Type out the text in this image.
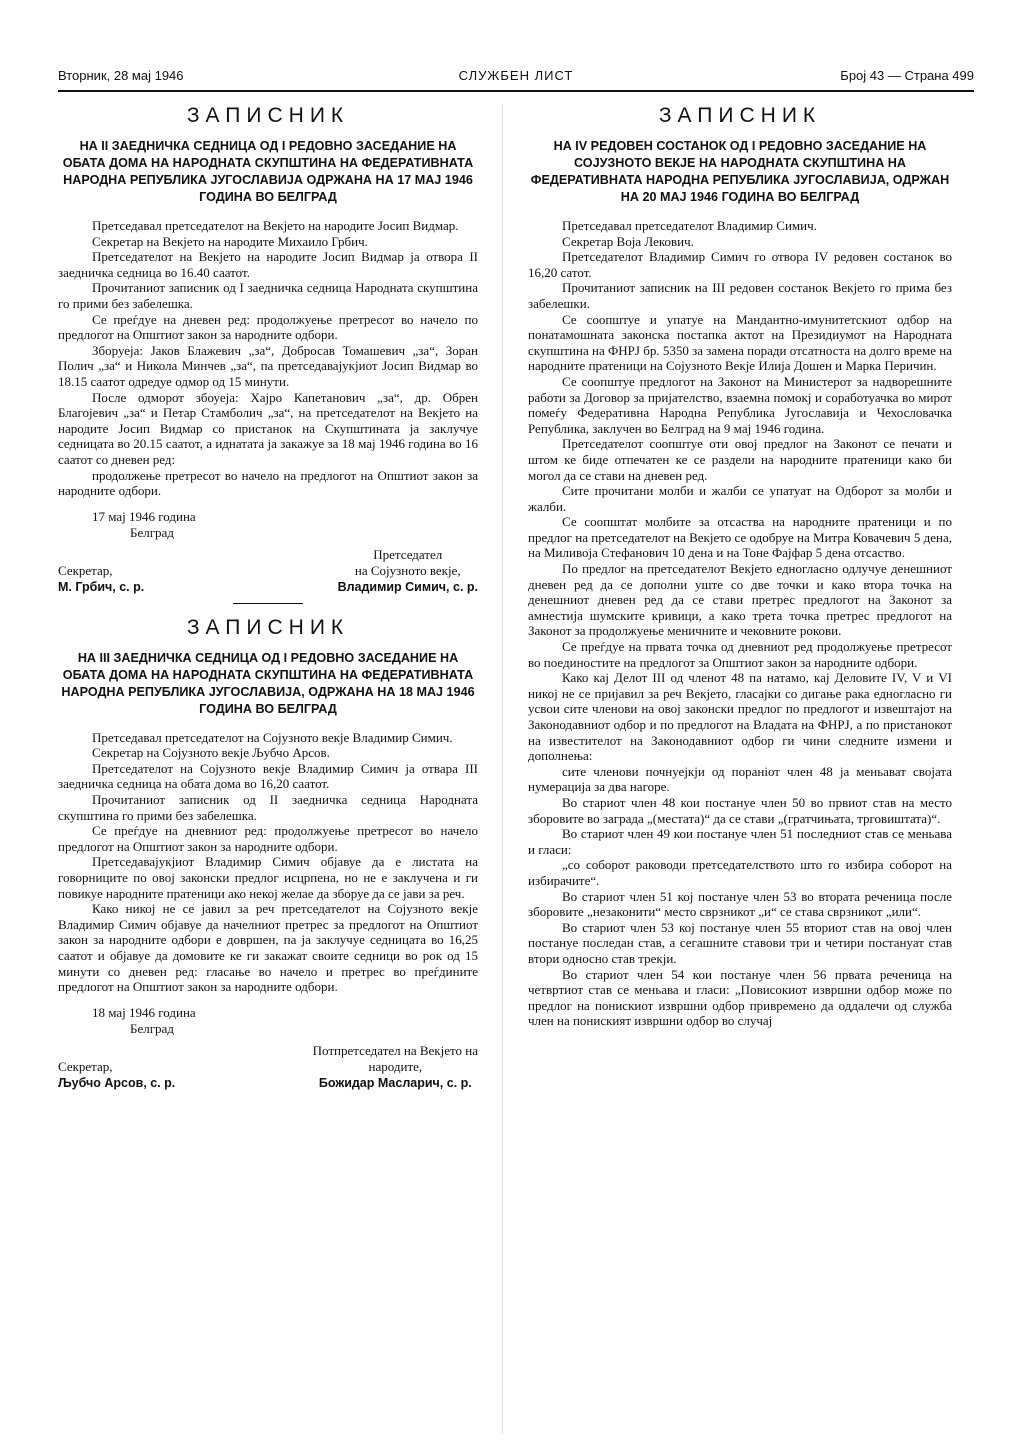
Вторник, 28 мај 1946	СЛУЖБЕН ЛИСТ	Број 43 — Страна 499
ЗАПИСНИК
НА II ЗАЕДНИЧКА СЕДНИЦА ОД I РЕДОВНО ЗАСЕДАНИЕ НА ОБАТА ДОМА НА НАРОДНАТА СКУПШТИНА НА ФЕДЕРАТИВНАТА НАРОДНА РЕПУБЛИКА ЈУГОСЛАВИЈА ОДРЖАНА НА 17 МАЈ 1946 ГОДИНА ВО БЕЛГРАД

Претседавал претседателот на Векјето на народите Јосип Видмар.

Секретар на Векјето на народите Михаило Грбич.

Претседателот на Векјето на народите Јосип Видмар ја отвора II заедничка седница во 16.40 саатот.

Прочитаниот записник од I заедничка седница Народната скупштина го прими без забелешка.

Се преѓдуе на дневен ред: продолжуење претресот во начело по предлогот на Општиот закон за народните одбори.

Зборуеја: Јаков Блажевич „за“, Добросав Томашевич „за“, Зоран Полич „за“ и Никола Минчев „за“, па претседавајукјиот Јосип Видмар во 18.15 саатот одредуе одмор од 15 минути.

После одморот збоуеја: Хајро Капетанович „за“, др. Обрен Благојевич „за“ и Петар Стамболич „за“, на претседателот на Векјето на народите Јосип Видмар со пристанок на Скупштината ја заклучуе седницата во 20.15 саатот, а иднатата ја закажуе за 18 мај 1946 година во 16 саатот со дневен ред:

продолжење претресот во начело на предлогот на Општиот закон за народните одбори.

17 мај 1946 година
Белград
Секретар,
М. Грбич, с. р.
Претседател
на Сојузното векје,
Владимир Симич, с. р.
ЗАПИСНИК
НА III ЗАЕДНИЧКА СЕДНИЦА ОД I РЕДОВНО ЗАСЕДАНИЕ НА ОБАТА ДОМА НА НАРОДНАТА СКУПШТИНА НА ФЕДЕРАТИВНАТА НАРОДНА РЕПУБЛИКА ЈУГОСЛАВИЈА, ОДРЖАНА НА 18 МАЈ 1946 ГОДИНА ВО БЕЛГРАД

Претседавал претседателот на Сојузното векје Владимир Симич.

Секретар на Сојузното векје Љубчо Арсов.

Претседателот на Сојузното векје Владимир Симич ја отвара III заедничка седница на обата дома во 16,20 саатот.

Прочитаниот записник од II заедничка седница Народната скупштина го прими без забелешка.

Се преѓдуе на дневниот ред: продолжуење претресот во начело предлогот на Општиот закон за народните одбори.

Претседавајукјиот Владимир Симич објавуе да е листата на говорниците по овој законски предлог исцрпена, но не е заклучена и ги повикуе народните пратеници ако некој желае да зборуе да се јави за реч.

Како никој не се јавил за реч претседателот на Сојузното векје Владимир Симич објавуе да начелниот претрес за предлогот на Општиот закон за народните одбори е довршен, па ја заклучуе седницата во 16,25 саатот и објавуе да домовите ке ги закажат своите седници во рок од 15 минути со дневен ред: гласање во начело и претрес во преѓдините предлогот на Општиот закон за народните одбори.

18 мај 1946 година
Белград
Секретар,
Љубчо Арсов, с. р.
Потпретседател на Векјето на
народите,
Божидар Масларич, с. р.
ЗАПИСНИК
НА IV РЕДОВЕН СОСТАНОК ОД I РЕДОВНО ЗАСЕДАНИЕ НА СОЈУЗНОТО ВЕКЈЕ НА НАРОДНАТА СКУПШТИНА НА ФЕДЕРАТИВНАТА НАРОДНА РЕПУБЛИКА ЈУГОСЛАВИЈА, ОДРЖАН НА 20 МАЈ 1946 ГОДИНА ВО БЕЛГРАД

Претседавал претседателот Владимир Симич.

Секретар Воја Лекович.

Претседателот Владимир Симич го отвора IV редовен состанок во 16,20 сатот.

Прочитаниот записник на III редовен состанок Векјето го прима без забелешки.

Се соопштуе и упатуе на Мандантно-имунитетскиот одбор на понатамошната законска постапка актот на Президиумот на Народната скупштина на ФНРЈ бр. 5350 за замена поради отсатноста на долго време на народните пратеници на Сојузното Векје Илија Дошен и Марка Перичин.

Се соопштуе предлогот на Законот на Министерот за надворешните работи за Договор за пријателство, взаемна помокј и соработуачка во мирот помеѓу Федеративна Народна Република Југославија и Чехословачка Република, заклучен во Белград на 9 мај 1946 година.

Претседателот соопштуе оти овој предлог на Законот се печати и штом ке биде отпечатен ке се раздели на народните пратеници како би могол да се стави на дневен ред.

Сите прочитани молби и жалби се упатуат на Одборот за молби и жалби.

Се соопштат молбите за отсаства на народните пратеници и по предлог на претседателот на Векјето се одобруе на Митра Ковачевич 5 дена, на Миливоја Стефанович 10 дена и на Тоне Фајфар 5 дена отсаство.

По предлог на претседателот Векјето едногласно одлучуе денешниот дневен ред да се дополни уште со две точки и како втора точка на денешниот дневен ред да се стави претрес предлогот на Законот за амнестија шумските кривици, а како трета точка претрес предлогот на Законот за продолжуење меничните и чековните рокови.

Се преѓдуе на првата точка од дневниот ред продолжуење претресот во поединостите на предлогот за Општиот закон за народните одбори.

Како кај Делот III од членот 48 па натамо, кај Деловите IV, V и VI никој не се пријавил за реч Векјето, гласајки со дигање рака едногласно ги усвои сите членови на овој законски предлог по предлогот и извештајот на Законодавниот одбор и по предлогот на Владата на ФНРЈ, а по пристанокот на известителот на Законодавниот одбор ги чини следните измени и дополнења:

сите членови почнуејкји од поранiот член 48 ја меньават својата нумерација за два нагоре.

Во стариот член 48 кои постануе член 50 во првиот став на место зборовите во заграда „(местата)“ да се стави „(гратчињата, трговиштата)“.

Во стариот член 49 кои постануе член 51 последниот став се меньава и гласи:

„со соборот раководи претседателството што го избира соборот на избирачите“.

Во стариот член 51 кој постануе член 53 во втората реченица после зборовите „незаконити“ место сврзникот „и“ се става сврзникот „или“.

Во стариот член 53 кој постануе член 55 вториот став на овој член постануе последан став, а сегашните ставови три и четири постануат став втори односно став трекји.

Во стариот член 54 кои постануе член 56 првата реченица на четвртиот став се меньава и гласи: „Повисокиот извршни одбор може по предлог на понискиот извршни одбор привремено да оддалечи од служба член на пониският извршни одбор во случај
